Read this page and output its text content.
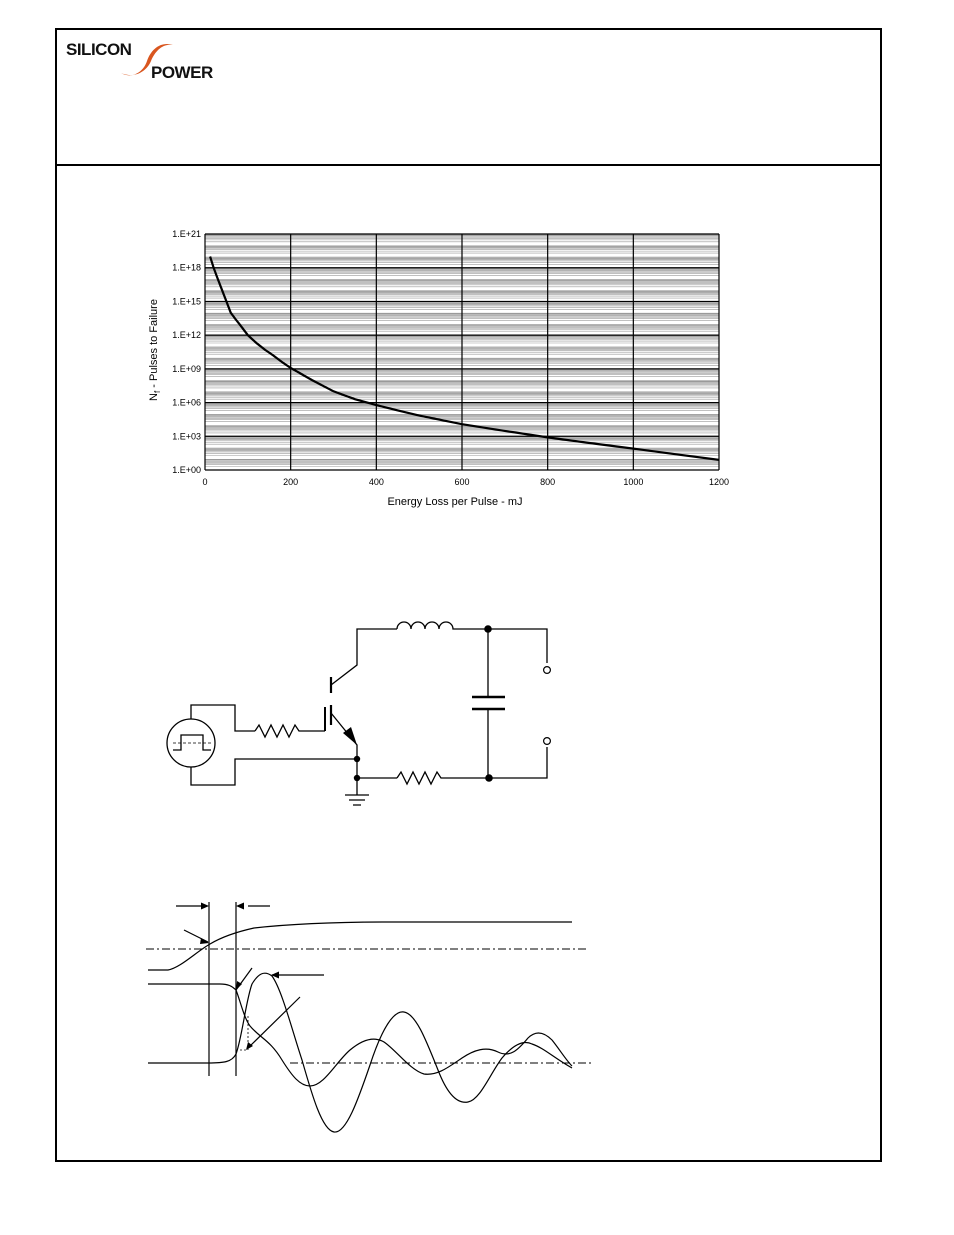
SILICON
POWER
1.E+00
1.E+03
1.E+06
1.E+09
1.E+12
1.E+15
1.E+18
1.E+21
0	200	400	600	800	1000	1200
Energy Loss per Pulse - mJ
$N_f$ - Pulses to Failure
